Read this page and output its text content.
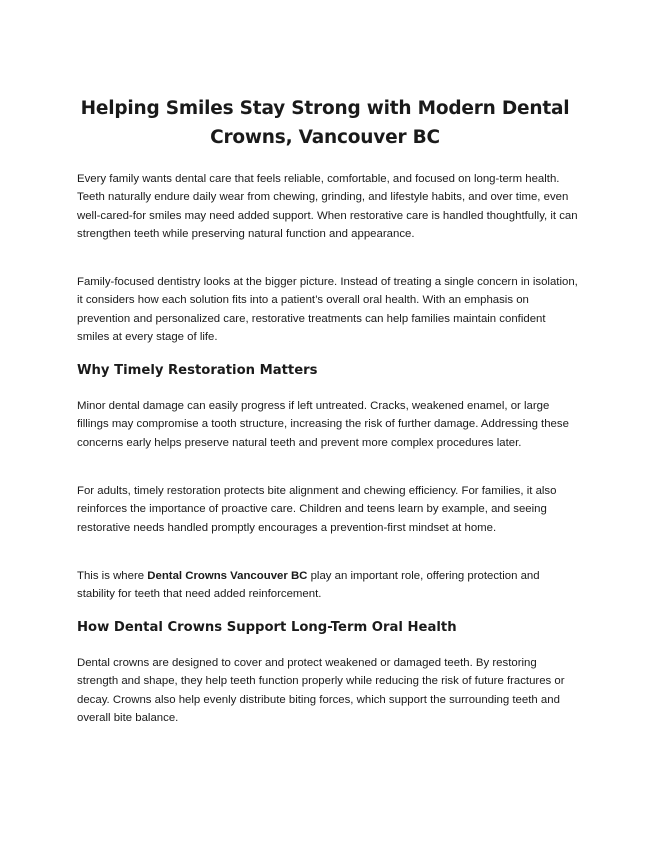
Helping Smiles Stay Strong with Modern Dental Crowns, Vancouver BC

Every family wants dental care that feels reliable, comfortable, and focused on long-term health. Teeth naturally endure daily wear from chewing, grinding, and lifestyle habits, and over time, even well-cared-for smiles may need added support. When restorative care is handled thoughtfully, it can strengthen teeth while preserving natural function and appearance.

Family-focused dentistry looks at the bigger picture. Instead of treating a single concern in isolation, it considers how each solution fits into a patient’s overall oral health. With an emphasis on prevention and personalized care, restorative treatments can help families maintain confident smiles at every stage of life.

Why Timely Restoration Matters

Minor dental damage can easily progress if left untreated. Cracks, weakened enamel, or large fillings may compromise a tooth structure, increasing the risk of further damage. Addressing these concerns early helps preserve natural teeth and prevent more complex procedures later.

For adults, timely restoration protects bite alignment and chewing efficiency. For families, it also reinforces the importance of proactive care. Children and teens learn by example, and seeing restorative needs handled promptly encourages a prevention-first mindset at home.

This is where Dental Crowns Vancouver BC play an important role, offering protection and stability for teeth that need added reinforcement.

How Dental Crowns Support Long-Term Oral Health

Dental crowns are designed to cover and protect weakened or damaged teeth. By restoring strength and shape, they help teeth function properly while reducing the risk of future fractures or decay. Crowns also help evenly distribute biting forces, which support the surrounding teeth and overall bite balance.
